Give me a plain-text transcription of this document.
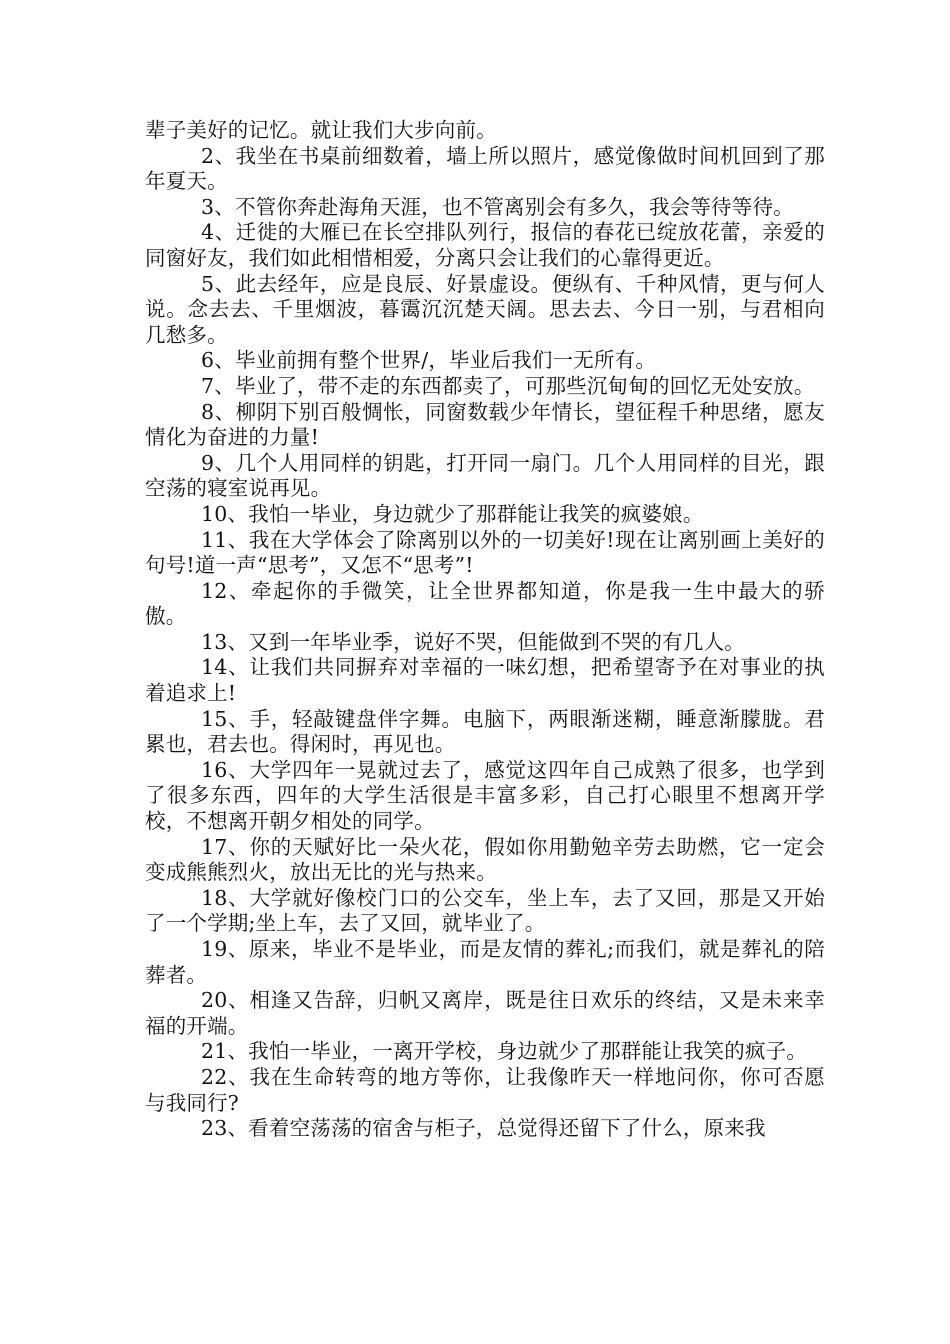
辈子美好的记忆。就让我们大步向前。

2、我坐在书桌前细数着，墙上所以照片，感觉像做时间机回到了那年夏天。

3、不管你奔赴海角天涯，也不管离别会有多久，我会等待等待。

4、迁徙的大雁已在长空排队列行，报信的春花已绽放花蕾，亲爱的同窗好友，我们如此相惜相爱，分离只会让我们的心靠得更近。

5、此去经年，应是良辰、好景虚设。便纵有、千种风情，更与何人说。念去去、千里烟波，暮霭沉沉楚天阔。思去去、今日一别，与君相向几愁多。

6、毕业前拥有整个世界/，毕业后我们一无所有。

7、毕业了，带不走的东西都卖了，可那些沉甸甸的回忆无处安放。

8、柳阴下别百般惆怅，同窗数载少年情长，望征程千种思绪，愿友情化为奋进的力量!

9、几个人用同样的钥匙，打开同一扇门。几个人用同样的目光，跟空荡的寝室说再见。

10、我怕一毕业，身边就少了那群能让我笑的疯婆娘。

11、我在大学体会了除离别以外的一切美好!现在让离别画上美好的句号!道一声“思考”，又怎不“思考”!

12、牵起你的手微笑，让全世界都知道，你是我一生中最大的骄傲。

13、又到一年毕业季，说好不哭，但能做到不哭的有几人。

14、让我们共同摒弃对幸福的一味幻想，把希望寄予在对事业的执着追求上!

15、手，轻敲键盘伴字舞。电脑下，两眼渐迷糊，睡意渐朦胧。君累也，君去也。得闲时，再见也。

16、大学四年一晃就过去了，感觉这四年自己成熟了很多，也学到了很多东西，四年的大学生活很是丰富多彩，自己打心眼里不想离开学校，不想离开朝夕相处的同学。

17、你的天赋好比一朵火花，假如你用勤勉辛劳去助燃，它一定会变成熊熊烈火，放出无比的光与热来。

18、大学就好像校门口的公交车，坐上车，去了又回，那是又开始了一个学期;坐上车，去了又回，就毕业了。

19、原来，毕业不是毕业，而是友情的葬礼;而我们，就是葬礼的陪葬者。

20、相逢又告辞，归帆又离岸，既是往日欢乐的终结，又是未来幸福的开端。

21、我怕一毕业，一离开学校，身边就少了那群能让我笑的疯子。

22、我在生命转弯的地方等你，让我像昨天一样地问你，你可否愿与我同行?

23、看着空荡荡的宿舍与柜子，总觉得还留下了什么，原来我
